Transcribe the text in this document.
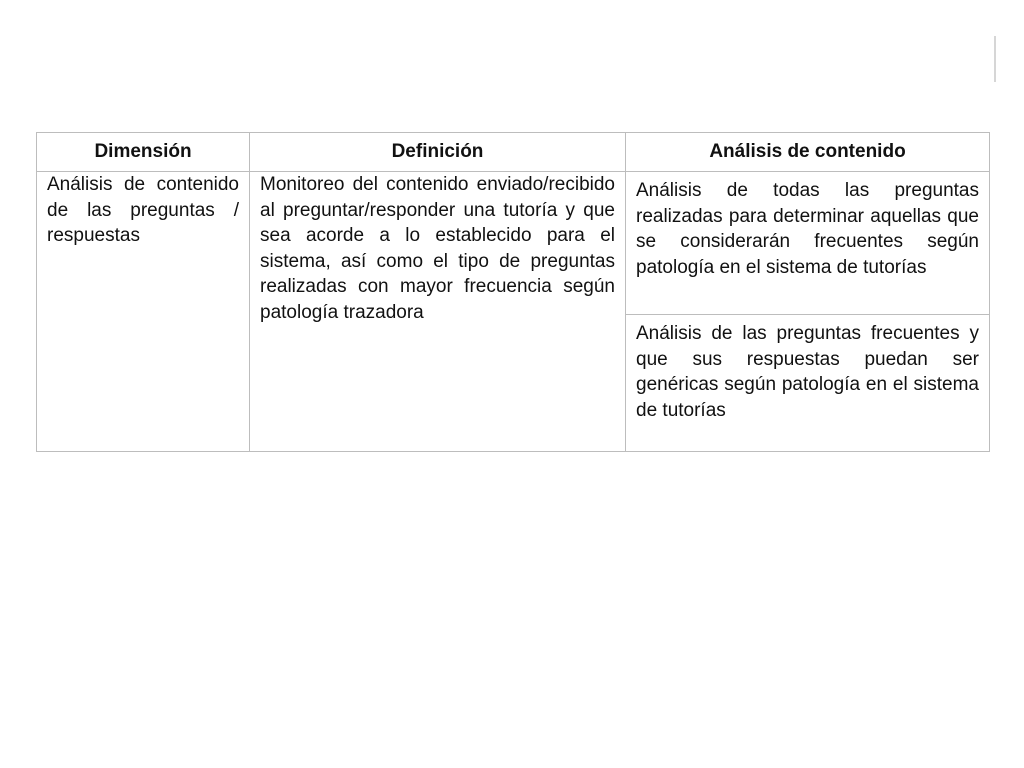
Dimensión	Definición	Análisis de contenido
Análisis de contenido de las preguntas / respuestas	Monitoreo del contenido enviado/recibido al preguntar/responder una tutoría y que sea acorde a lo establecido para el sistema, así como el tipo de preguntas realizadas con mayor frecuencia según patología trazadora	Análisis de todas las preguntas realizadas para determinar aquellas que se considerarán frecuentes según patología en el sistema de tutorías
		Análisis de las preguntas frecuentes y que sus respuestas puedan ser genéricas según patología en el sistema de tutorías
